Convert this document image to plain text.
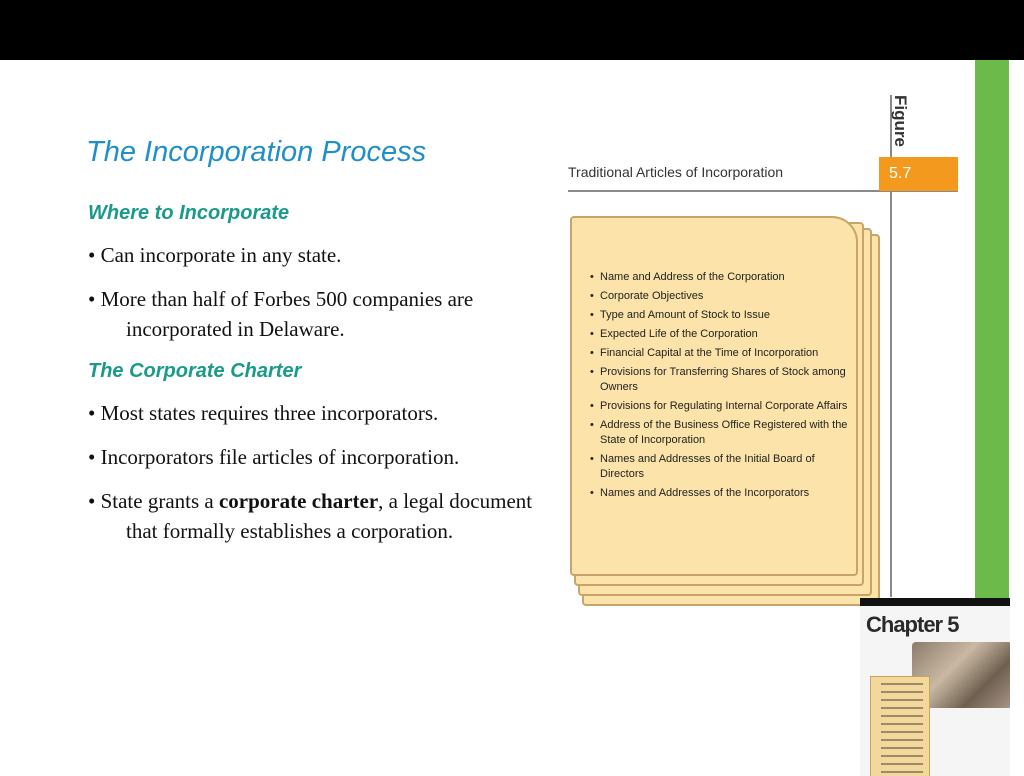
The Incorporation Process
Where to Incorporate
• Can incorporate in any state.
• More than half of Forbes 500 companies are incorporated in Delaware.
The Corporate Charter
• Most states requires three incorporators.
• Incorporators file articles of incorporation.
• State grants a corporate charter, a legal document that formally establishes a corporation.
Figure
5.7
Traditional Articles of Incorporation
• Name and Address of the Corporation
• Corporate Objectives
• Type and Amount of Stock to Issue
• Expected Life of the Corporation
• Financial Capital at the Time of Incorporation
• Provisions for Transferring Shares of Stock among Owners
• Provisions for Regulating Internal Corporate Affairs
• Address of the Business Office Registered with the State of Incorporation
• Names and Addresses of the Initial Board of Directors
• Names and Addresses of the Incorporators
Chapter 5
